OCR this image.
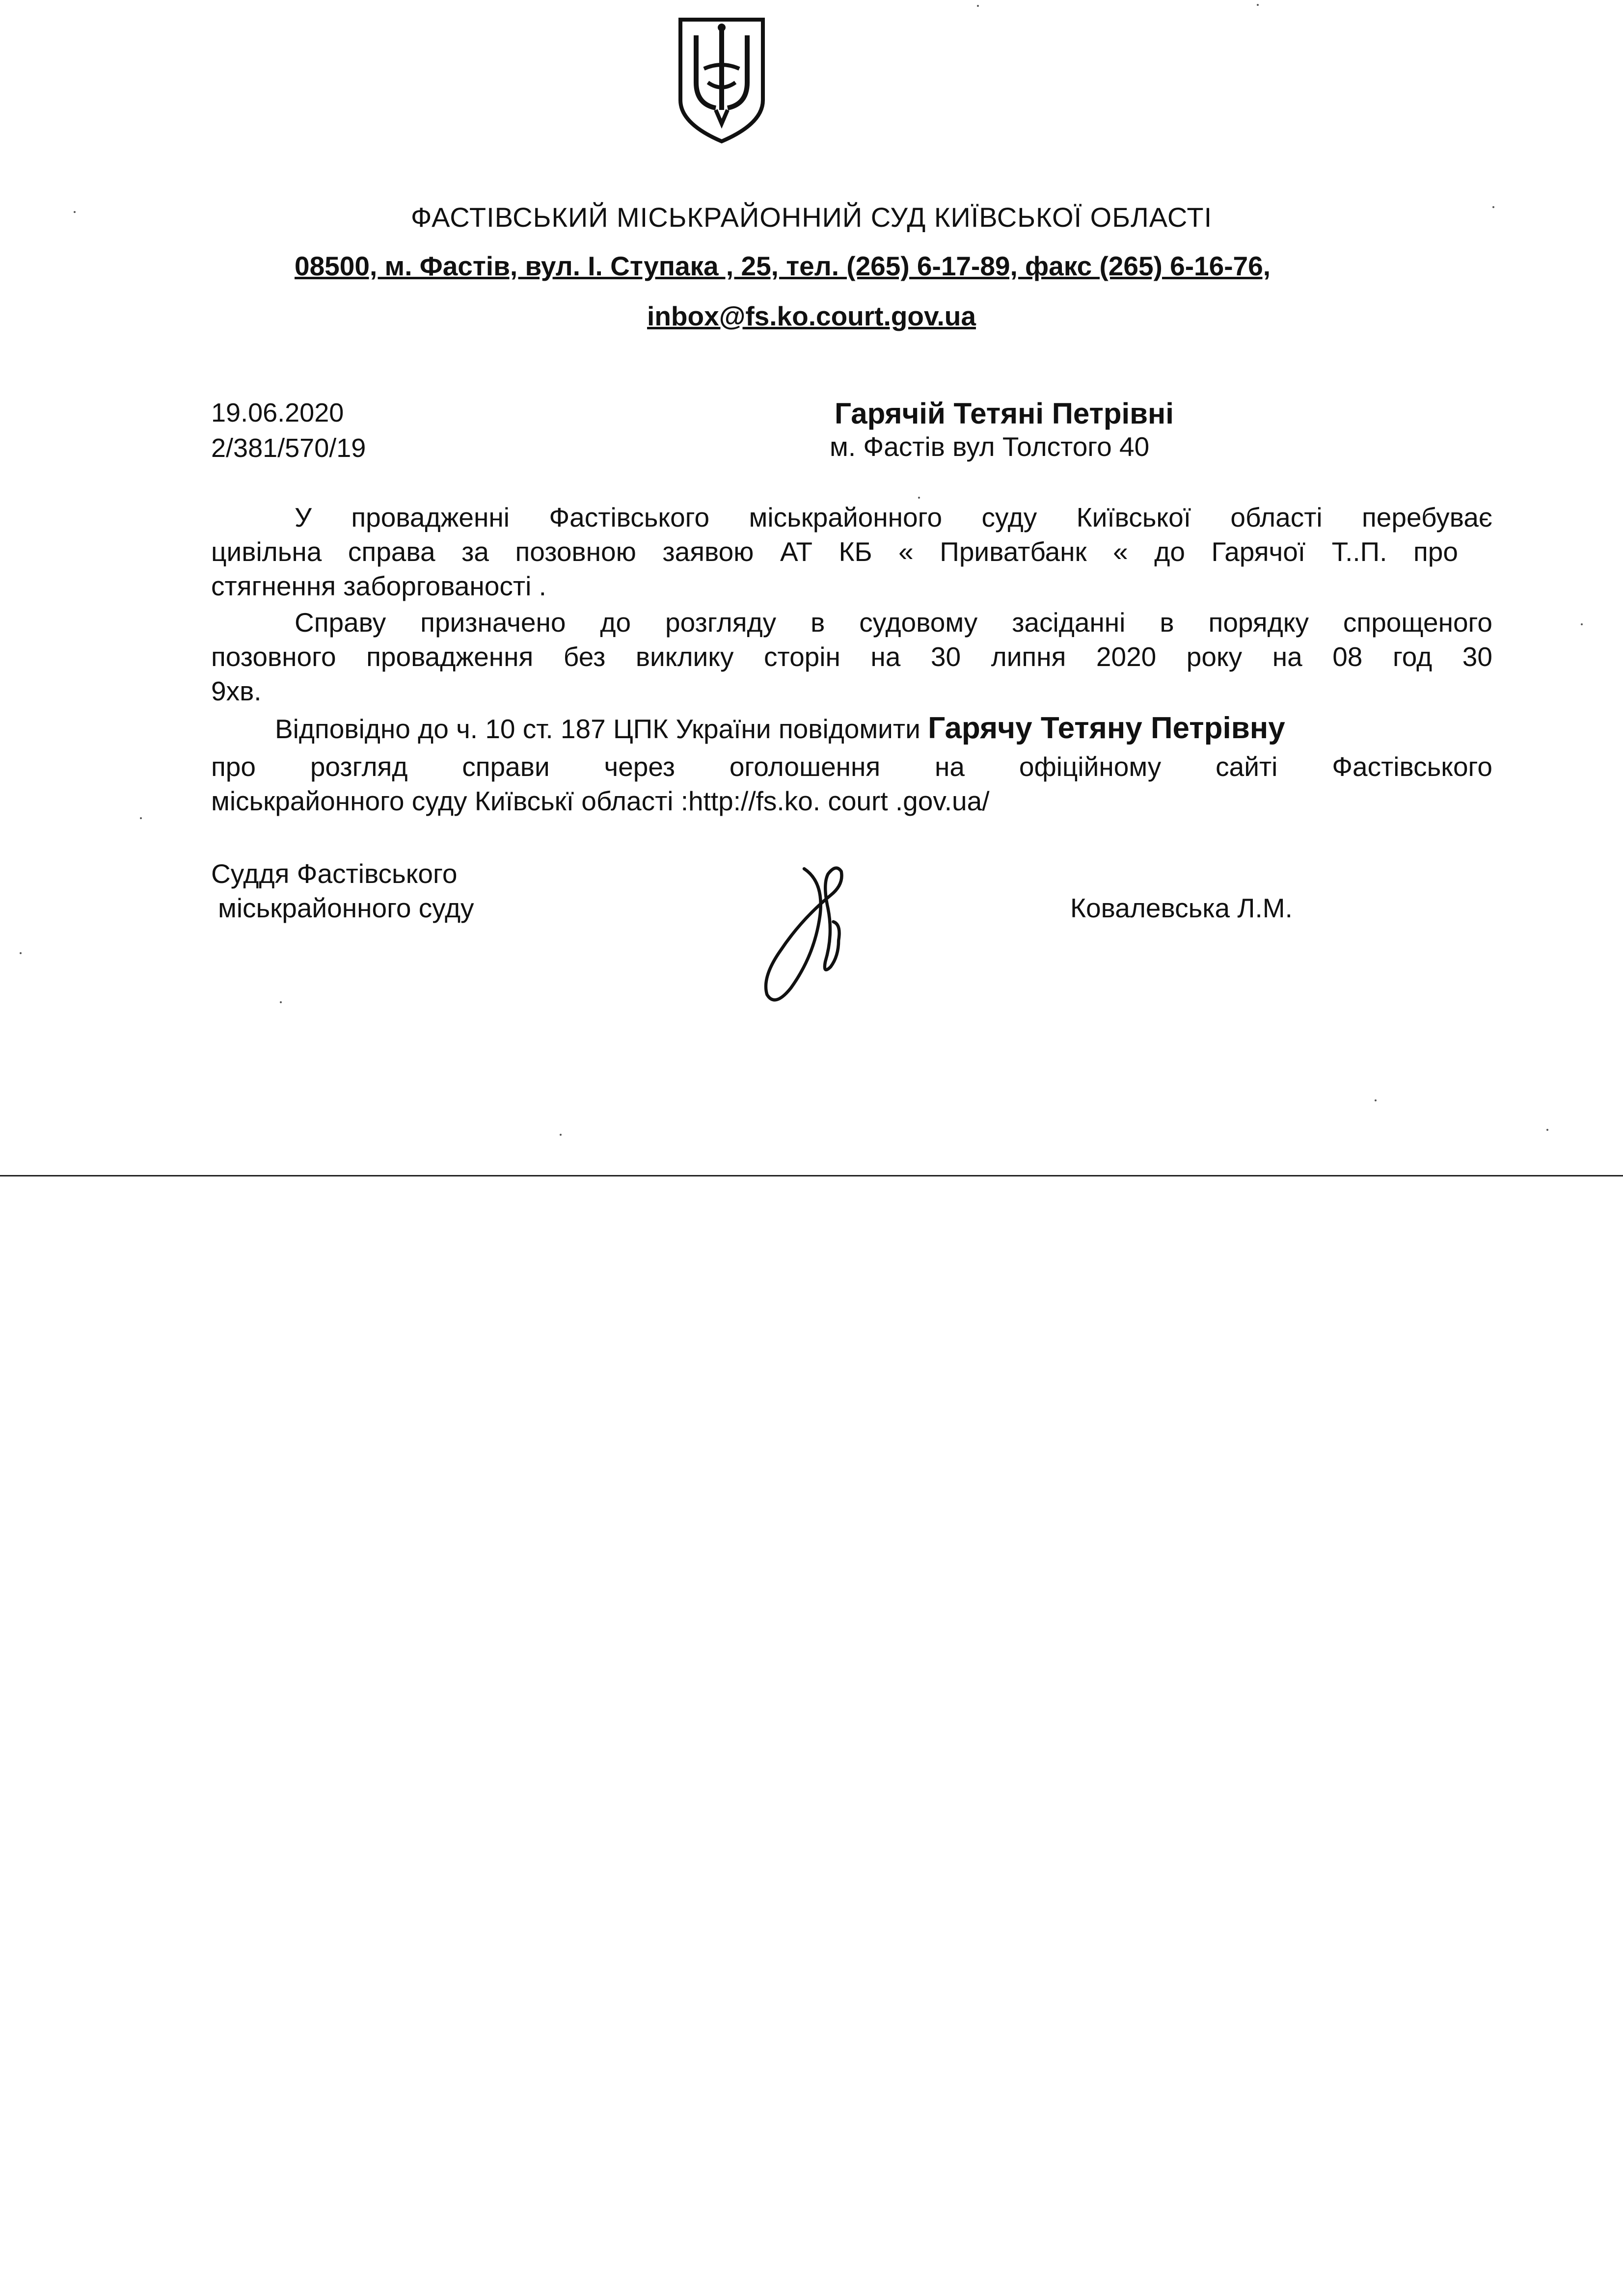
ФАСТІВСЬКИЙ МІСЬКРАЙОННИЙ СУД КИЇВСЬКОЇ ОБЛАСТІ
08500, м. Фастів, вул. І. Ступака , 25, тел. (265) 6-17-89, факс (265) 6-16-76,
inbox@fs.ko.court.gov.ua
19.06.2020
2/381/570/19
Гарячій Тетяні Петрівні
м. Фастів вул Толстого 40
У провадженні Фастівського міськрайонного суду Київської області перебуває
цивільна справа за позовною заявою АТ КБ « Приватбанк « до Гарячої Т..П. про
стягнення заборгованості .
Справу призначено до розгляду в судовому засіданні в порядку спрощеного
позовного провадження без виклику сторін на 30 липня 2020 року на 08 год 30
9хв.
Відповідно до ч. 10 ст. 187 ЦПК України повідомити Гарячу Тетяну Петрівну
про розгляд справи через оголошення на офіційному сайті Фастівського
міськрайонного суду Київськї області :http://fs.ko. court .gov.ua/
Суддя Фастівського
міськрайонного суду	Ковалевська Л.М.
